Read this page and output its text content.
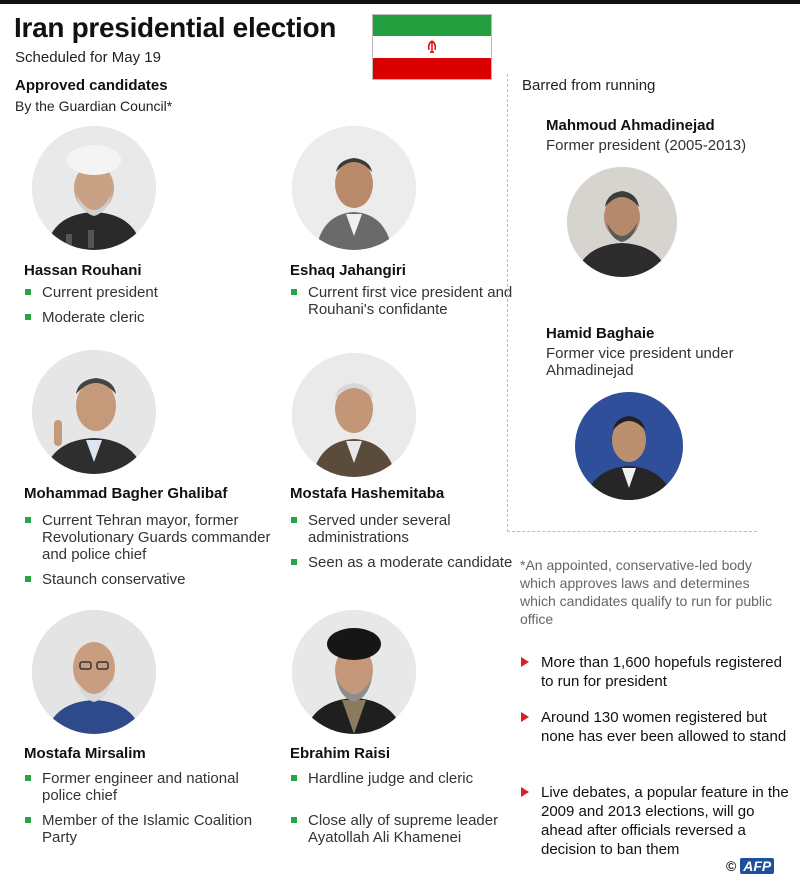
Iran presidential election
Scheduled for May 19
Approved candidates
By the Guardian Council*
Hassan Rouhani
Current president
Moderate cleric
Eshaq Jahangiri
Current first vice president and Rouhani's confidante
Mohammad Bagher Ghalibaf
Current Tehran mayor, former Revolutionary Guards commander and police chief
Staunch conservative
Mostafa Hashemitaba
Served under several administrations
Seen as a moderate candidate
Mostafa Mirsalim
Former engineer and national police chief
Member of the Islamic Coalition Party
Ebrahim Raisi
Hardline judge and cleric
Close ally of supreme leader Ayatollah Ali Khamenei
Barred from running
Mahmoud Ahmadinejad
Former president (2005-2013)
Hamid Baghaie
Former vice president under Ahmadinejad
*An appointed, conservative-led body which approves laws and determines which candidates qualify to run for public office
More than 1,600 hopefuls registered to run for president
Around 130 women registered but none has ever been allowed to stand
Live debates, a popular feature in the 2009 and 2013 elections, will go ahead after officials reversed a decision to ban them
© AFP
